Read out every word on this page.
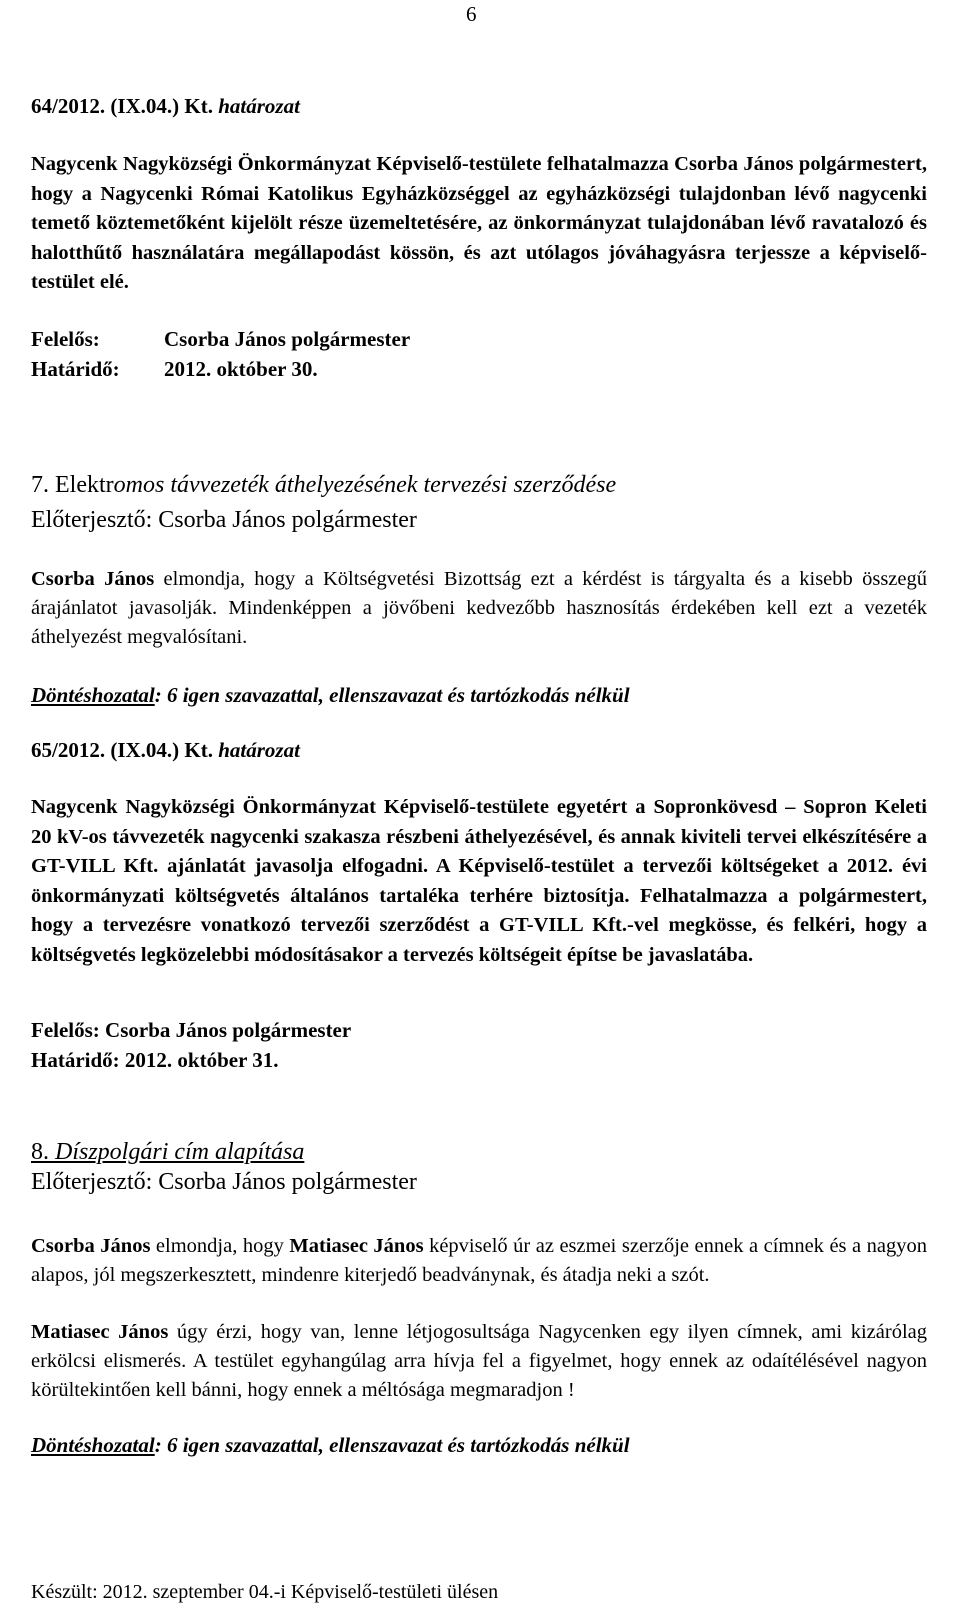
6
64/2012. (IX.04.) Kt. határozat

Nagycenk Nagyközségi Önkormányzat Képviselő-testülete felhatalmazza Csorba János polgármestert, hogy a Nagycenki Római Katolikus Egyházközséggel az egyházközségi tulajdonban lévő nagycenki temető köztemetőként kijelölt része üzemeltetésére, az önkormányzat tulajdonában lévő ravatalozó és halotthűtő használatára megállapodást kössön, és azt utólagos jóváhagyásra terjessze a képviselő-testület elé.

Felelős:	Csorba János polgármester
Határidő: 2012. október 30.
7. Elektromos távvezeték áthelyezésének tervezési szerződése
Előterjesztő: Csorba János polgármester

Csorba János elmondja, hogy a Költségvetési Bizottság ezt a kérdést is tárgyalta és a kisebb összegű árajánlatot javasolják. Mindenképpen a jövőbeni kedvezőbb hasznosítás érdekében kell ezt a vezeték áthelyezést megvalósítani.

Döntéshozatal: 6 igen szavazattal, ellenszavazat és tartózkodás nélkül
65/2012. (IX.04.) Kt. határozat

Nagycenk Nagyközségi Önkormányzat Képviselő-testülete egyetért a Sopronkövesd – Sopron Keleti 20 kV-os távvezeték nagycenki szakasza részbeni áthelyezésével, és annak kiviteli tervei elkészítésére a GT-VILL Kft. ajánlatát javasolja elfogadni. A Képviselő-testület a tervezői költségeket a 2012. évi önkormányzati költségvetés általános tartaléka terhére biztosítja. Felhatalmazza a polgármestert, hogy a tervezésre vonatkozó tervezői szerződést a GT-VILL Kft.-vel megkösse, és felkéri, hogy a költségvetés legközelebbi módosításakor a tervezés költségeit építse be javaslatába.

Felelős: Csorba János polgármester
Határidő: 2012. október 31.
8. Díszpolgári cím alapítása
Előterjesztő: Csorba János polgármester

Csorba János elmondja, hogy Matiasec János képviselő úr az eszmei szerzője ennek a címnek és a nagyon alapos, jól megszerkesztett, mindenre kiterjedő beadványnak, és átadja neki a szót.

Matiasec János úgy érzi, hogy van, lenne létjogosultsága Nagycenken egy ilyen címnek, ami kizárólag erkölcsi elismerés. A testület egyhangúlag arra hívja fel a figyelmet, hogy ennek az odaítélésével nagyon körültekintően kell bánni, hogy ennek a méltósága megmaradjon !

Döntéshozatal: 6 igen szavazattal, ellenszavazat és tartózkodás nélkül
Készült: 2012. szeptember 04.-i Képviselő-testületi ülésen
